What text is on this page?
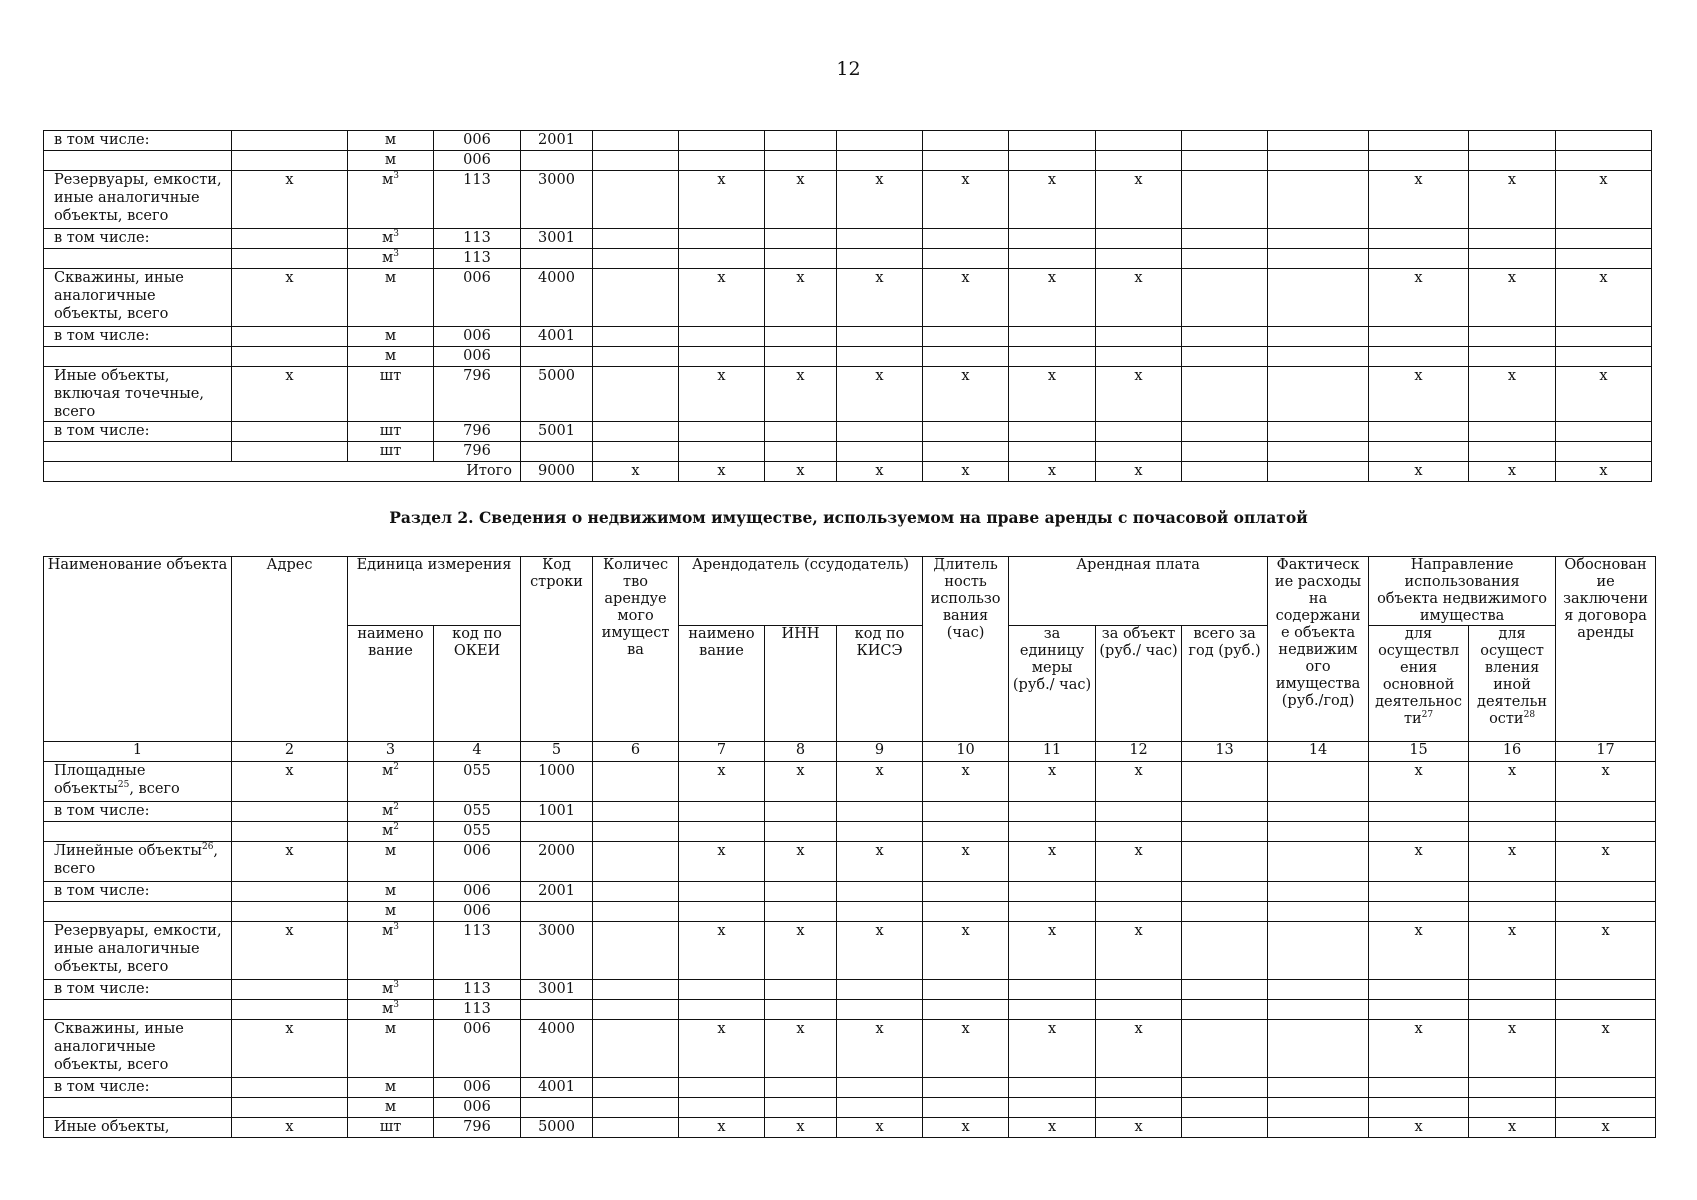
12
в том числе:		м	006	2001												
		м	006													
Резервуары, емкости, иные аналогичные объекты, всего	x	$м^3$	113	3000		x	x	x	x	x	x			x	x	x
в том числе:		$м^3$	113	3001												
		$м^3$	113													
Скважины, иные аналогичные объекты, всего	x	м	006	4000		x	x	x	x	x	x			x	x	x
в том числе:		м	006	4001												
		м	006													
Иные объекты, включая точечные, всего	x	шт	796	5000		x	x	x	x	x	x			x	x	x
в том числе:		шт	796	5001												
		шт	796													
Итого				9000	x	x	x	x	x	x	x			x	x	x
Раздел 2. Сведения о недвижимом имуществе, используемом на праве аренды с почасовой оплатой
Наименование объекта	Адрес	Единица измерения		Код строки	Количес тво арендуе мого имущест ва	Арендодатель (ссудодатель)			Длитель ность использо вания (час)	Арендная плата			Фактическ ие расходы на содержани е объекта недвижим ого имущества (руб./год)	Направление использования объекта недвижимого имущества		Обоснован ие заключени я договора аренды
		наимено вание	код по ОКЕИ			наимено вание	ИНН	код по КИСЭ		за единицу меры (руб./ час)	за объект (руб./ час)	всего за год (руб.)		для осуществл ения основной деятельнос $ти^{27}$	для осущест вления иной деятельн ости$^{28}$
1	2	3	4	5	6	7	8	9	10	11	12	13	14	15	16	17
Площадные объекты$^{25}$, всего	x	$м^2$	055	1000		x	x	x	x	x	x			x	x	x
в том числе:		$м^2$	055	1001												
		$м^2$	055													
Линейные объекты$^{26}$, всего	x	м	006	2000		x	x	x	x	x	x			x	x	x
в том числе:		м	006	2001												
		м	006													
Резервуары, емкости, иные аналогичные объекты, всего	x	$м^3$	113	3000		x	x	x	x	x	x			x	x	x
в том числе:		$м^3$	113	3001												
		$м^3$	113													
Скважины, иные аналогичные объекты, всего	x	м	006	4000		x	x	x	x	x	x			x	x	x
в том числе:		м	006	4001												
		м	006													
Иные объекты,	x	шт	796	5000		x	x	x	x	x	x			x	x	x
